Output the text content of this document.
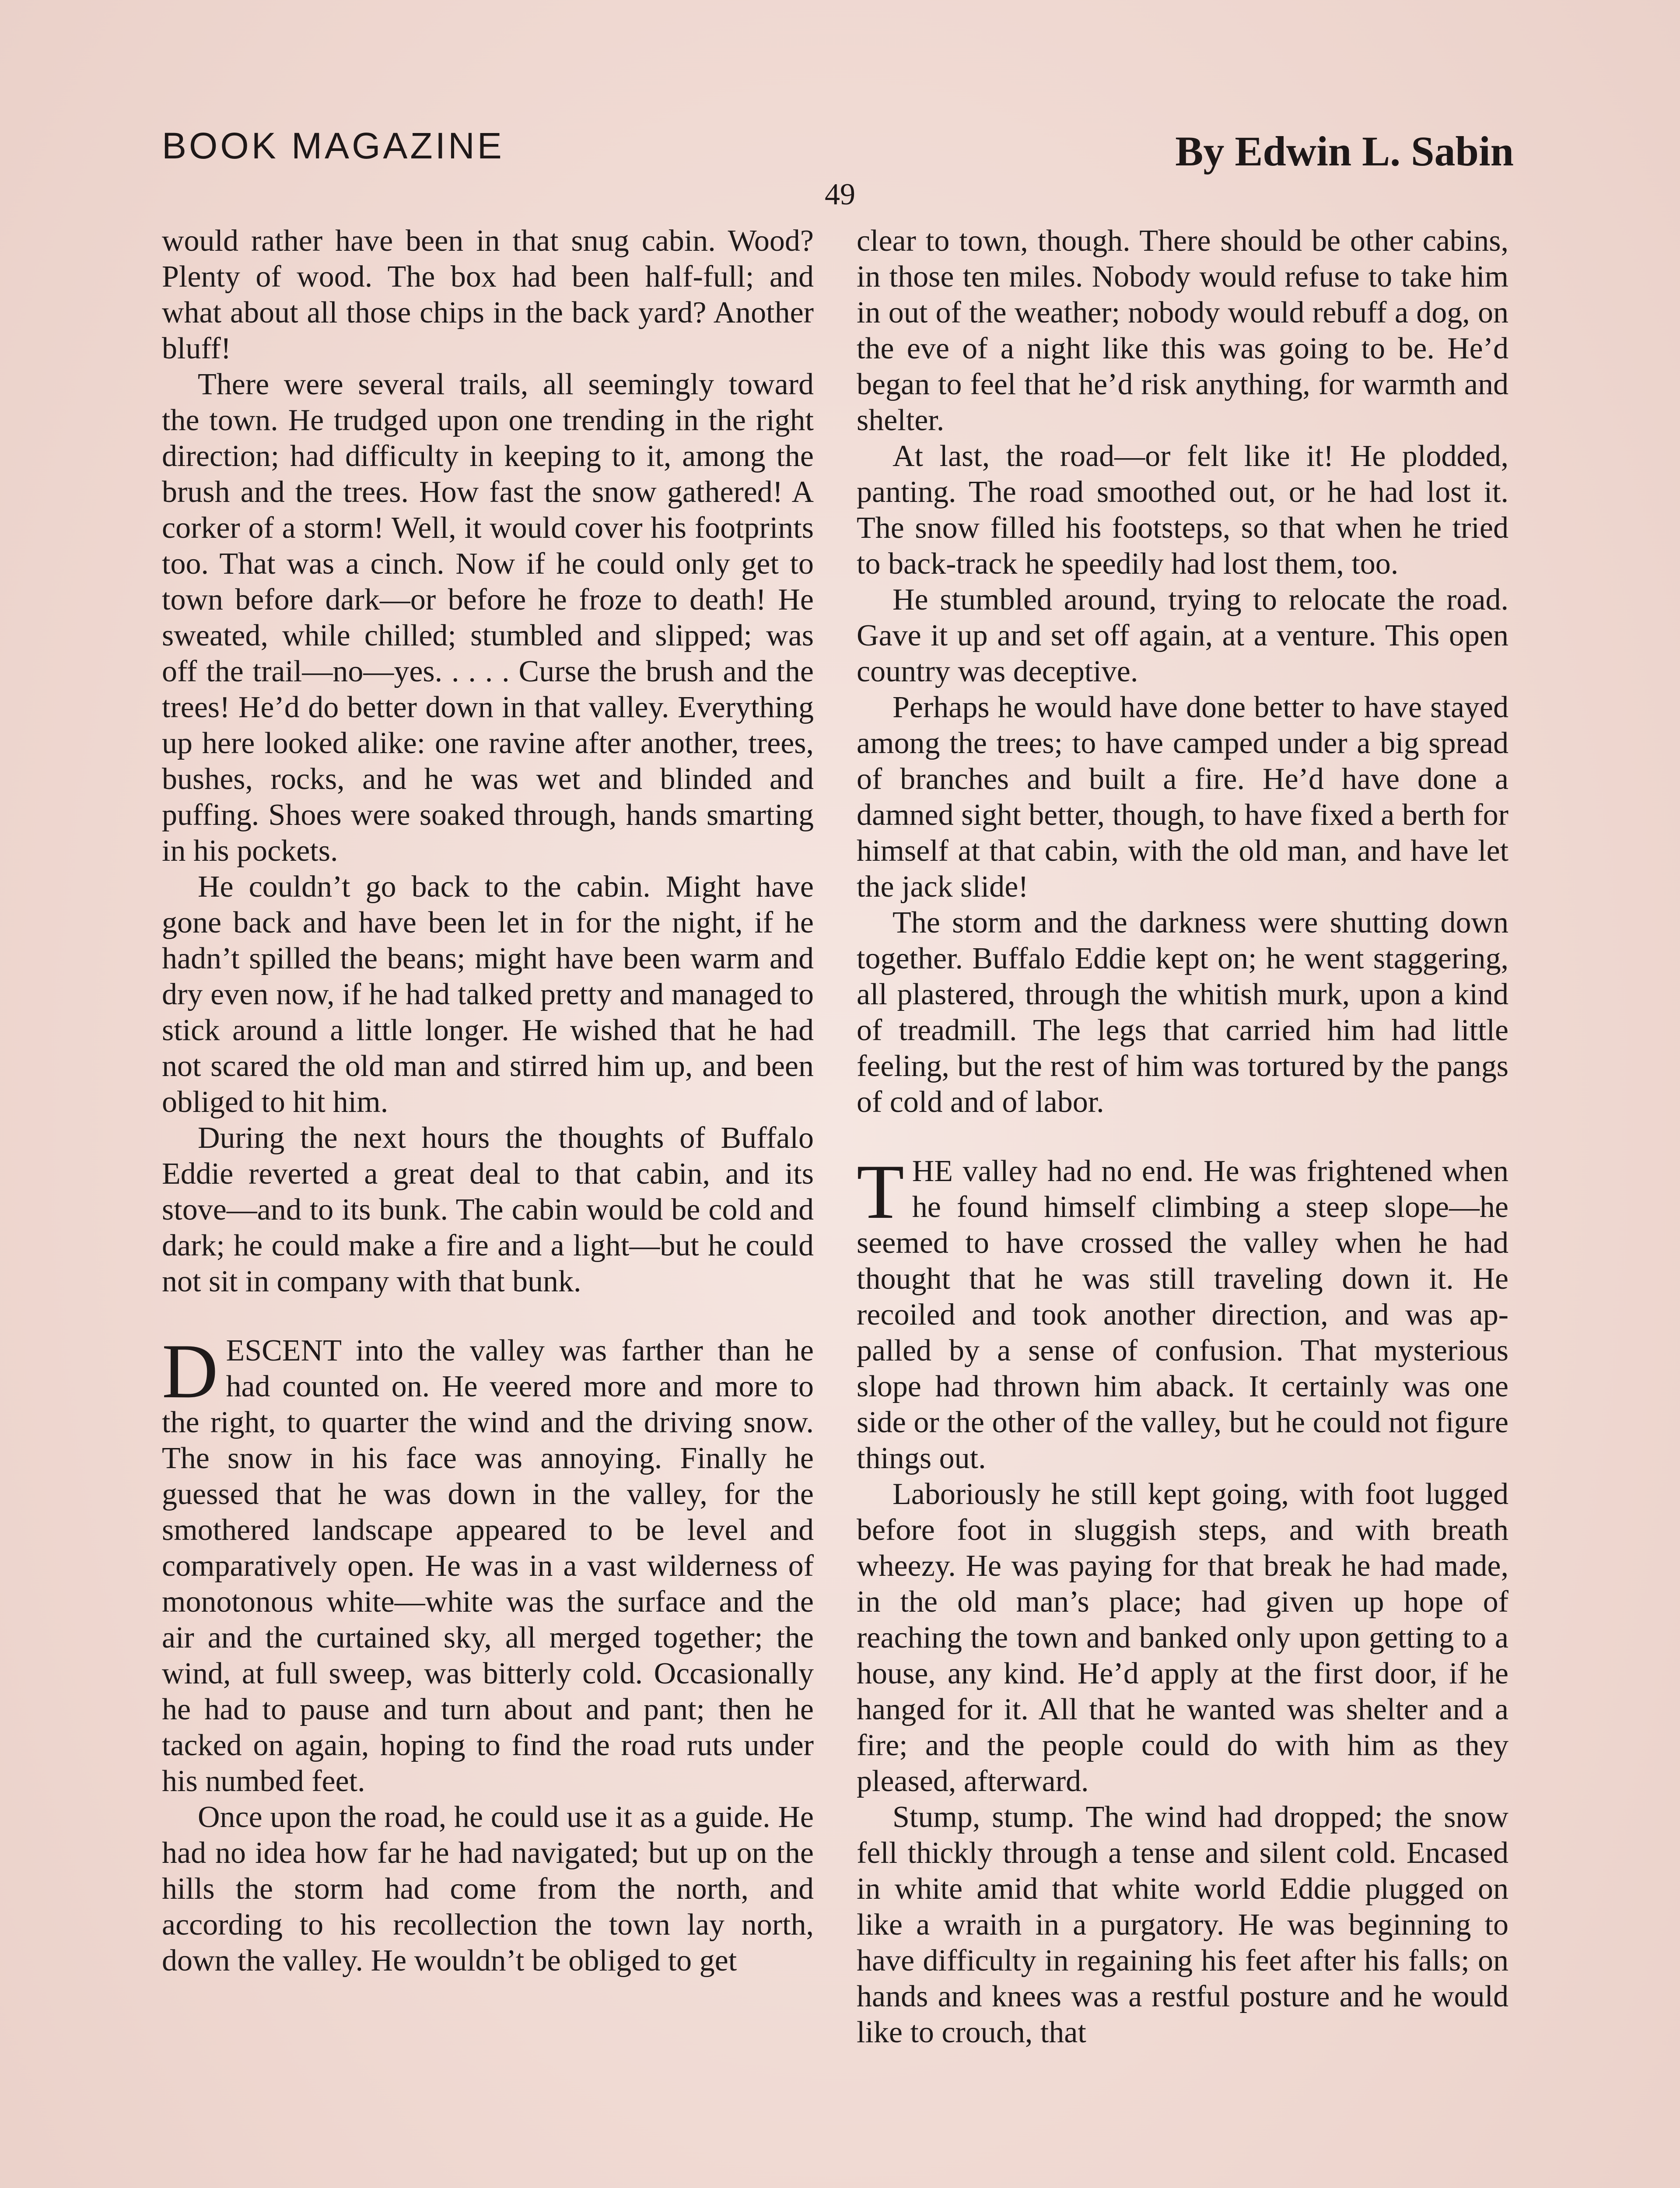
BOOK MAGAZINE	By Edwin L. Sabin
49

would rather have been in that snug cabin. Wood? Plenty of wood. The box had been half-full; and what about all those chips in the back yard? Another bluff!

There were several trails, all seemingly toward the town. He trudged upon one trending in the right direction; had difficulty in keeping to it, among the brush and the trees. How fast the snow gathered! A corker of a storm! Well, it would cover his footprints too. That was a cinch. Now if he could only get to town before dark—or before he froze to death! He sweated, while chilled; stumbled and slipped; was off the trail—no—yes. . . . . Curse the brush and the trees! He’d do better down in that valley. Everything up here looked alike: one ravine after another, trees, bushes, rocks, and he was wet and blinded and puffing. Shoes were soaked through, hands smarting in his pockets.

He couldn’t go back to the cabin. Might have gone back and have been let in for the night, if he hadn’t spilled the beans; might have been warm and dry even now, if he had talked pretty and managed to stick around a little longer. He wished that he had not scared the old man and stirred him up, and been obliged to hit him.

During the next hours the thoughts of Buffalo Eddie reverted a great deal to that cabin, and its stove—and to its bunk. The cabin would be cold and dark; he could make a fire and a light—but he could not sit in company with that bunk.

DESCENT into the valley was farther than he had counted on. He veered more and more to the right, to quarter the wind and the driving snow. The snow in his face was annoying. Finally he guessed that he was down in the valley, for the smothered landscape appeared to be level and comparatively open. He was in a vast wilderness of monotonous white—white was the surface and the air and the curtained sky, all merged together; the wind, at full sweep, was bitterly cold. Occasionally he had to pause and turn about and pant; then he tacked on again, hoping to find the road ruts under his numbed feet.

Once upon the road, he could use it as a guide. He had no idea how far he had navigated; but up on the hills the storm had come from the north, and according to his recollection the town lay north, down the valley. He wouldn’t be obliged to get

clear to town, though. There should be other cabins, in those ten miles. Nobody would refuse to take him in out of the weather; nobody would rebuff a dog, on the eve of a night like this was going to be. He’d began to feel that he’d risk anything, for warmth and shelter.

At last, the road—or felt like it! He plodded, panting. The road smoothed out, or he had lost it. The snow filled his footsteps, so that when he tried to back-track he speedily had lost them, too.

He stumbled around, trying to relocate the road. Gave it up and set off again, at a venture. This open country was deceptive.

Perhaps he would have done better to have stayed among the trees; to have camped under a big spread of branches and built a fire. He’d have done a damned sight better, though, to have fixed a berth for himself at that cabin, with the old man, and have let the jack slide!

The storm and the darkness were shutting down together. Buffalo Eddie kept on; he went staggering, all plastered, through the whitish murk, upon a kind of treadmill. The legs that carried him had little feeling, but the rest of him was tortured by the pangs of cold and of labor.

THE valley had no end. He was frightened when he found himself climbing a steep slope—he seemed to have crossed the valley when he had thought that he was still traveling down it. He recoiled and took another direction, and was appalled by a sense of confusion. That mysterious slope had thrown him aback. It certainly was one side or the other of the valley, but he could not figure things out.

Laboriously he still kept going, with foot lugged before foot in sluggish steps, and with breath wheezy. He was paying for that break he had made, in the old man’s place; had given up hope of reaching the town and banked only upon getting to a house, any kind. He’d apply at the first door, if he hanged for it. All that he wanted was shelter and a fire; and the people could do with him as they pleased, afterward.

Stump, stump. The wind had dropped; the snow fell thickly through a tense and silent cold. Encased in white amid that white world Eddie plugged on like a wraith in a purgatory. He was beginning to have difficulty in regaining his feet after his falls; on hands and knees was a restful posture and he would like to crouch, that
